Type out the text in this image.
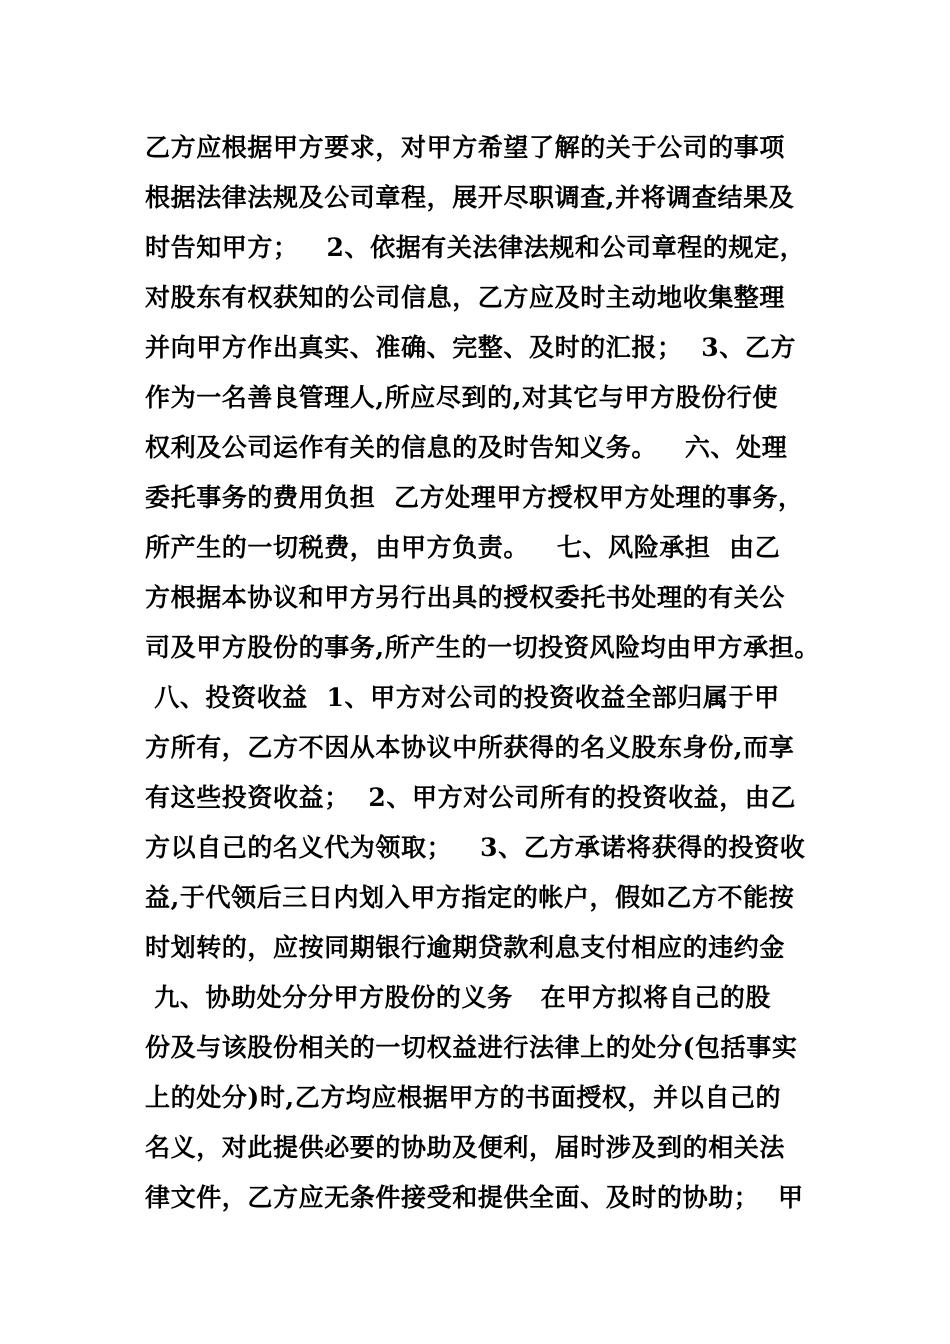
乙方应根据甲方要求，对甲方希望了解的关于公司的事项
根据法律法规及公司章程，展开尽职调查,并将调查结果及
时告知甲方；   2、依据有关法律法规和公司章程的规定，
对股东有权获知的公司信息，乙方应及时主动地收集整理
并向甲方作出真实、准确、完整、及时的汇报；  3、乙方
作为一名善良管理人,所应尽到的,对其它与甲方股份行使
权利及公司运作有关的信息的及时告知义务。   六、处理
委托事务的费用负担  乙方处理甲方授权甲方处理的事务，
所产生的一切税费，由甲方负责。   七、风险承担  由乙
方根据本协议和甲方另行出具的授权委托书处理的有关公
司及甲方股份的事务,所产生的一切投资风险均由甲方承担。
八、投资收益  1、甲方对公司的投资收益全部归属于甲
方所有，乙方不因从本协议中所获得的名义股东身份,而享
有这些投资收益；  2、甲方对公司所有的投资收益，由乙
方以自己的名义代为领取；   3、乙方承诺将获得的投资收
益,于代领后三日内划入甲方指定的帐户，假如乙方不能按
时划转的，应按同期银行逾期贷款利息支付相应的违约金
九、协助处分分甲方股份的义务   在甲方拟将自己的股
份及与该股份相关的一切权益进行法律上的处分(包括事实
上的处分)时,乙方均应根据甲方的书面授权，并以自己的
名义，对此提供必要的协助及便利，届时涉及到的相关法
律文件，乙方应无条件接受和提供全面、及时的协助；  甲
